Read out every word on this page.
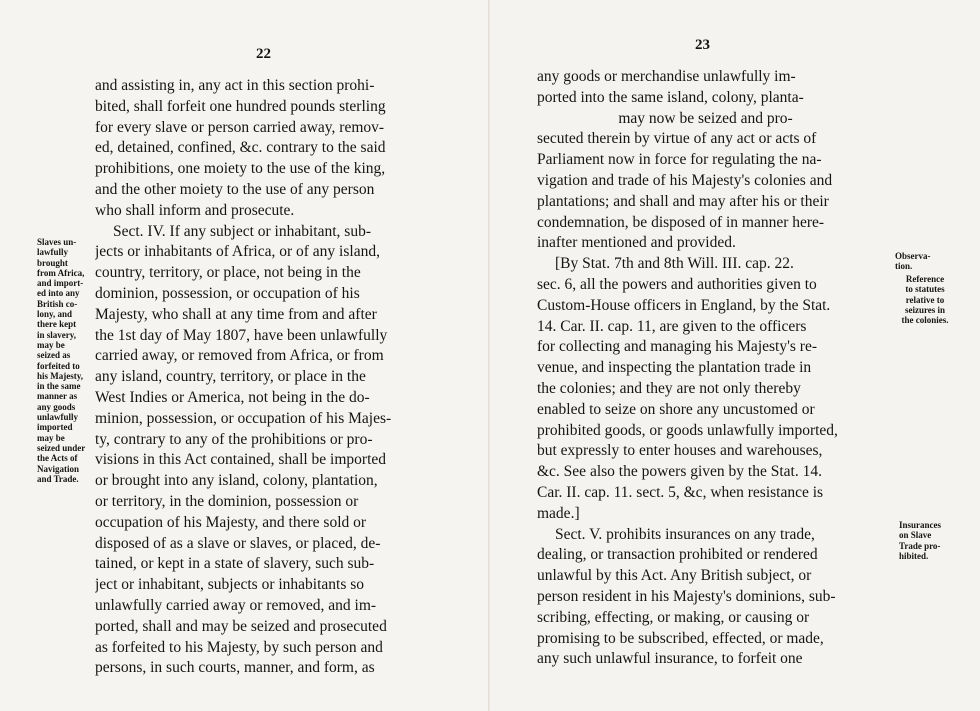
22
and assisting in, any act in this section prohi-
bited, shall forfeit one hundred pounds sterling
for every slave or person carried away, remov-
ed, detained, confined, &c. contrary to the said
prohibitions, one moiety to the use of the king,
and the other moiety to the use of any person
who shall inform and prosecute.
Sect. IV. If any subject or inhabitant, sub-
jects or inhabitants of Africa, or of any island,
country, territory, or place, not being in the
dominion, possession, or occupation of his
Majesty, who shall at any time from and after
the 1st day of May 1807, have been unlawfully
carried away, or removed from Africa, or from
any island, country, territory, or place in the
West Indies or America, not being in the do-
minion, possession, or occupation of his Majes-
ty, contrary to any of the prohibitions or pro-
visions in this Act contained, shall be imported
or brought into any island, colony, plantation,
or territory, in the dominion, possession or
occupation of his Majesty, and there sold or
disposed of as a slave or slaves, or placed, de-
tained, or kept in a state of slavery, such sub-
ject or inhabitant, subjects or inhabitants so
unlawfully carried away or removed, and im-
ported, shall and may be seized and prosecuted
as forfeited to his Majesty, by such person and
persons, in such courts, manner, and form, as
Slaves un-
lawfully
brought
from Africa,
and import-
ed into any
British co-
lony, and
there kept
in slavery,
may be
seized as
forfeited to
his Majesty,
in the same
manner as
any goods
unlawfully
imported
may be
seized under
the Acts of
Navigation
and Trade.
23
any goods or merchandise unlawfully im-
ported into the same island, colony, planta-
may now be seized and pro-
secuted therein by virtue of any act or acts of
Parliament now in force for regulating the na-
vigation and trade of his Majesty's colonies and
plantations; and shall and may after his or their
condemnation, be disposed of in manner here-
inafter mentioned and provided.
[By Stat. 7th and 8th Will. III. cap. 22.
sec. 6, all the powers and authorities given to
Custom-House officers in England, by the Stat.
14. Car. II. cap. 11, are given to the officers
for collecting and managing his Majesty's re-
venue, and inspecting the plantation trade in
the colonies; and they are not only thereby
enabled to seize on shore any uncustomed or
prohibited goods, or goods unlawfully imported,
but expressly to enter houses and warehouses,
&c. See also the powers given by the Stat. 14.
Car. II. cap. 11. sect. 5, &c, when resistance is
made.]
Sect. V. prohibits insurances on any trade,
dealing, or transaction prohibited or rendered
unlawful by this Act. Any British subject, or
person resident in his Majesty's dominions, sub-
scribing, effecting, or making, or causing or
promising to be subscribed, effected, or made,
any such unlawful insurance, to forfeit one
Observa-
tion.
Reference
to statutes
relative to
seizures in
the colonies.
Insurances
on Slave
Trade pro-
hibited.
